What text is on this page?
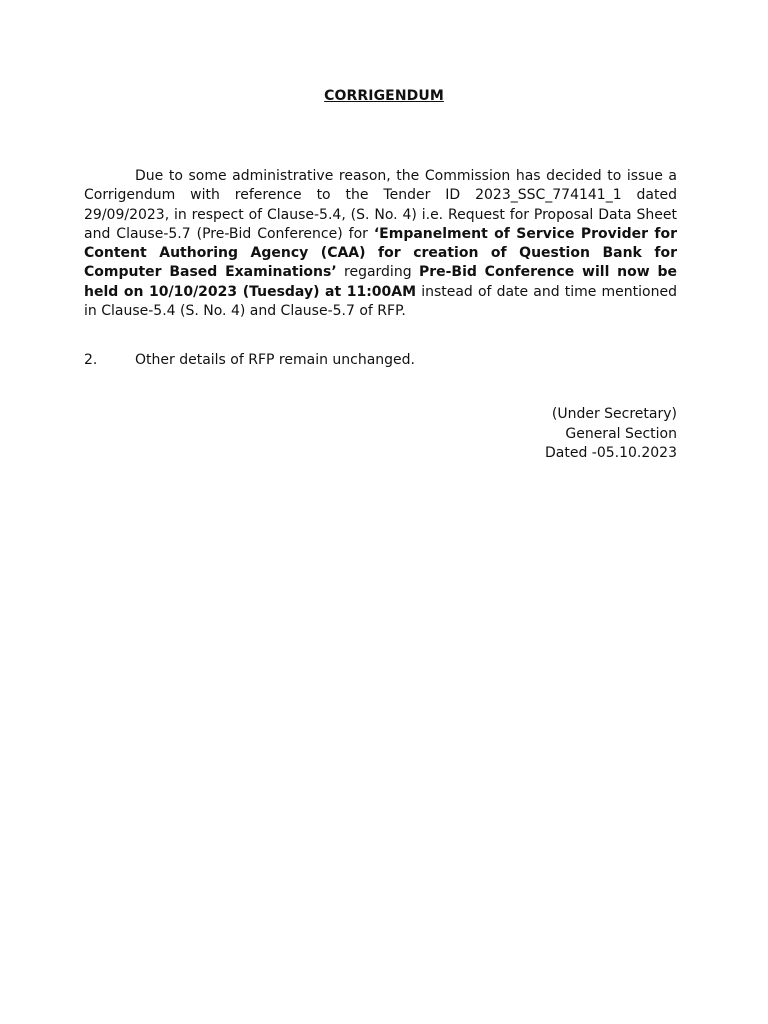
CORRIGENDUM
Due to some administrative reason, the Commission has decided to issue a Corrigendum with reference to the Tender ID 2023_SSC_774141_1 dated 29/09/2023, in respect of Clause-5.4, (S. No. 4) i.e. Request for Proposal Data Sheet and Clause-5.7 (Pre-Bid Conference) for ‘Empanelment of Service Provider for Content Authoring Agency (CAA) for creation of Question Bank for Computer Based Examinations’ regarding Pre-Bid Conference will now be held on 10/10/2023 (Tuesday) at 11:00AM instead of date and time mentioned in Clause-5.4 (S. No. 4) and Clause-5.7 of RFP.
2.	Other details of RFP remain unchanged.
(Under Secretary)
General Section
Dated -05.10.2023
